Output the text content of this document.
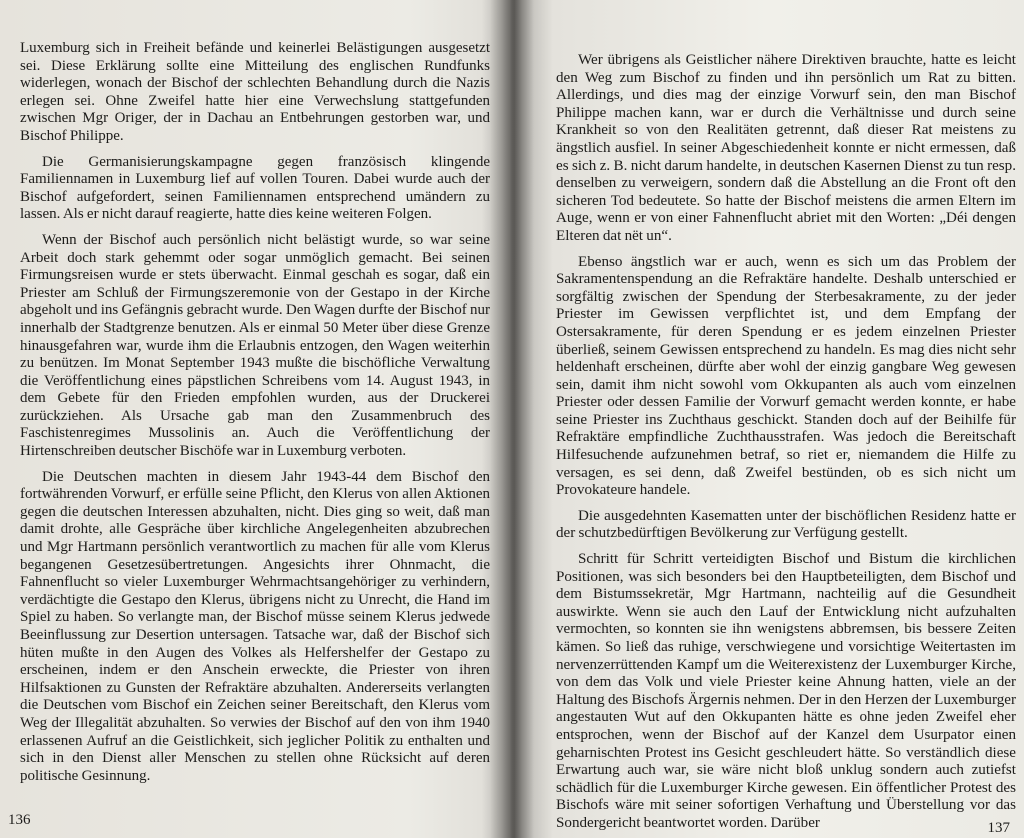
Luxemburg sich in Freiheit befände und keinerlei Belästigungen ausgesetzt sei. Diese Erklärung sollte eine Mitteilung des englischen Rundfunks widerlegen, wonach der Bischof der schlechten Behandlung durch die Nazis erlegen sei. Ohne Zweifel hatte hier eine Verwechslung stattgefunden zwischen Mgr Origer, der in Dachau an Entbehrungen gestorben war, und Bischof Philippe.

Die Germanisierungskampagne gegen französisch klingende Familiennamen in Luxemburg lief auf vollen Touren. Dabei wurde auch der Bischof aufgefordert, seinen Familiennamen entsprechend umändern zu lassen. Als er nicht darauf reagierte, hatte dies keine weiteren Folgen.

Wenn der Bischof auch persönlich nicht belästigt wurde, so war seine Arbeit doch stark gehemmt oder sogar unmöglich gemacht. Bei seinen Firmungsreisen wurde er stets überwacht. Einmal geschah es sogar, daß ein Priester am Schluß der Firmungszeremonie von der Gestapo in der Kirche abgeholt und ins Gefängnis gebracht wurde. Den Wagen durfte der Bischof nur innerhalb der Stadtgrenze benutzen. Als er einmal 50 Meter über diese Grenze hinausgefahren war, wurde ihm die Erlaubnis entzogen, den Wagen weiterhin zu benützen. Im Monat September 1943 mußte die bischöfliche Verwaltung die Veröffentlichung eines päpstlichen Schreibens vom 14. August 1943, in dem Gebete für den Frieden empfohlen wurden, aus der Druckerei zurückziehen. Als Ursache gab man den Zusammenbruch des Faschistenregimes Mussolinis an. Auch die Veröffentlichung der Hirtenschreiben deutscher Bischöfe war in Luxemburg verboten.

Die Deutschen machten in diesem Jahr 1943-44 dem Bischof den fortwährenden Vorwurf, er erfülle seine Pflicht, den Klerus von allen Aktionen gegen die deutschen Interessen abzuhalten, nicht. Dies ging so weit, daß man damit drohte, alle Gespräche über kirchliche Angelegenheiten abzubrechen und Mgr Hartmann persönlich verantwortlich zu machen für alle vom Klerus begangenen Gesetzesübertretungen. Angesichts ihrer Ohnmacht, die Fahnenflucht so vieler Luxemburger Wehrmachtsangehöriger zu verhindern, verdächtigte die Gestapo den Klerus, übrigens nicht zu Unrecht, die Hand im Spiel zu haben. So verlangte man, der Bischof müsse seinem Klerus jedwede Beeinflussung zur Desertion untersagen. Tatsache war, daß der Bischof sich hüten mußte in den Augen des Volkes als Helfershelfer der Gestapo zu erscheinen, indem er den Anschein erweckte, die Priester von ihren Hilfsaktionen zu Gunsten der Refraktäre abzuhalten. Andererseits verlangten die Deutschen vom Bischof ein Zeichen seiner Bereitschaft, den Klerus vom Weg der Illegalität abzuhalten. So verwies der Bischof auf den von ihm 1940 erlassenen Aufruf an die Geistlichkeit, sich jeglicher Politik zu enthalten und sich in den Dienst aller Menschen zu stellen ohne Rücksicht auf deren politische Gesinnung.

136

Wer übrigens als Geistlicher nähere Direktiven brauchte, hatte es leicht den Weg zum Bischof zu finden und ihn persönlich um Rat zu bitten. Allerdings, und dies mag der einzige Vorwurf sein, den man Bischof Philippe machen kann, war er durch die Verhältnisse und durch seine Krankheit so von den Realitäten getrennt, daß dieser Rat meistens zu ängstlich ausfiel. In seiner Abgeschiedenheit konnte er nicht ermessen, daß es sich z. B. nicht darum handelte, in deutschen Kasernen Dienst zu tun resp. denselben zu verweigern, sondern daß die Abstellung an die Front oft den sicheren Tod bedeutete. So hatte der Bischof meistens die armen Eltern im Auge, wenn er von einer Fahnenflucht abriet mit den Worten: „Déi dengen Elteren dat nët un“.

Ebenso ängstlich war er auch, wenn es sich um das Problem der Sakramentenspendung an die Refraktäre handelte. Deshalb unterschied er sorgfältig zwischen der Spendung der Sterbesakramente, zu der jeder Priester im Gewissen verpflichtet ist, und dem Empfang der Ostersakramente, für deren Spendung er es jedem einzelnen Priester überließ, seinem Gewissen entsprechend zu handeln. Es mag dies nicht sehr heldenhaft erscheinen, dürfte aber wohl der einzig gangbare Weg gewesen sein, damit ihm nicht sowohl vom Okkupanten als auch vom einzelnen Priester oder dessen Familie der Vorwurf gemacht werden konnte, er habe seine Priester ins Zuchthaus geschickt. Standen doch auf der Beihilfe für Refraktäre empfindliche Zuchthausstrafen. Was jedoch die Bereitschaft Hilfesuchende aufzunehmen betraf, so riet er, niemandem die Hilfe zu versagen, es sei denn, daß Zweifel bestünden, ob es sich nicht um Provokateure handele.

Die ausgedehnten Kasematten unter der bischöflichen Residenz hatte er der schutzbedürftigen Bevölkerung zur Verfügung gestellt.

Schritt für Schritt verteidigten Bischof und Bistum die kirchlichen Positionen, was sich besonders bei den Hauptbeteiligten, dem Bischof und dem Bistumssekretär, Mgr Hartmann, nachteilig auf die Gesundheit auswirkte. Wenn sie auch den Lauf der Entwicklung nicht aufzuhalten vermochten, so konnten sie ihn wenigstens abbremsen, bis bessere Zeiten kämen. So ließ das ruhige, verschwiegene und vorsichtige Weitertasten im nervenzerrüttenden Kampf um die Weiterexistenz der Luxemburger Kirche, von dem das Volk und viele Priester keine Ahnung hatten, viele an der Haltung des Bischofs Ärgernis nehmen. Der in den Herzen der Luxemburger angestauten Wut auf den Okkupanten hätte es ohne jeden Zweifel eher entsprochen, wenn der Bischof auf der Kanzel dem Usurpator einen geharnischten Protest ins Gesicht geschleudert hätte. So verständlich diese Erwartung auch war, sie wäre nicht bloß unklug sondern auch zutiefst schädlich für die Luxemburger Kirche gewesen. Ein öffentlicher Protest des Bischofs wäre mit seiner sofortigen Verhaftung und Überstellung vor das Sondergericht beantwortet worden. Darüber	137
